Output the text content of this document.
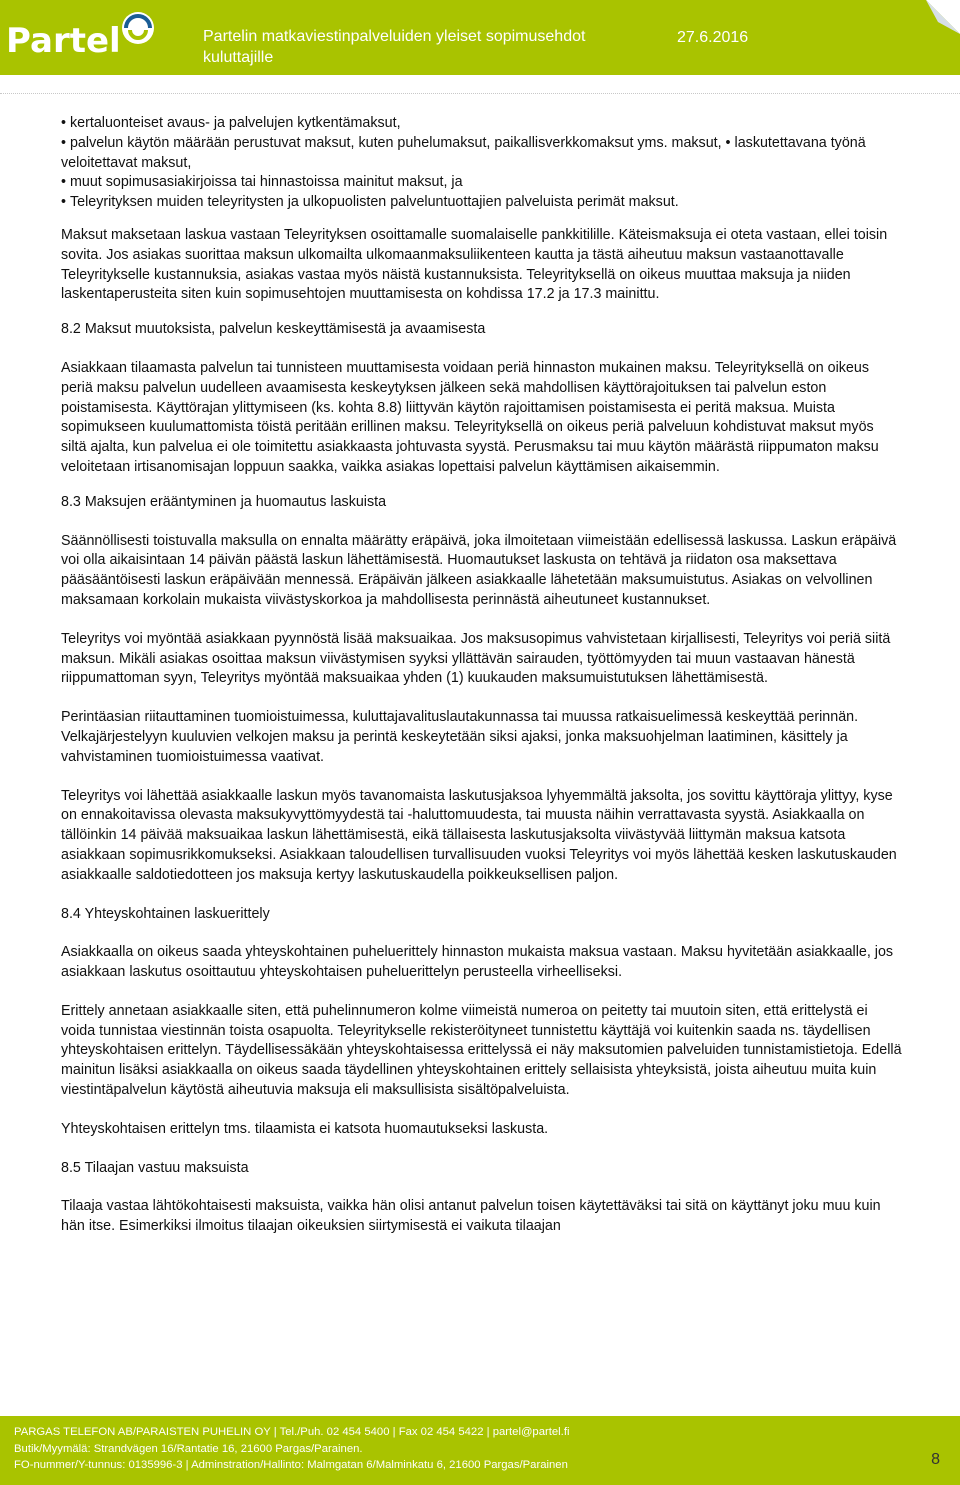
Partel	Partelin matkaviestinpalveluiden yleiset sopimusehdot kuluttajille
27.6.2016
• kertaluonteiset avaus- ja palvelujen kytkentämaksut,
• palvelun käytön määrään perustuvat maksut, kuten puhelumaksut, paikallisverkkomaksut yms. maksut, • laskutettavana työnä veloitettavat maksut,
• muut sopimusasiakirjoissa tai hinnastoissa mainitut maksut, ja
• Teleyrityksen muiden teleyritysten ja ulkopuolisten palveluntuottajien palveluista perimät maksut.

Maksut maksetaan laskua vastaan Teleyrityksen osoittamalle suomalaiselle pankkitilille. Käteismaksuja ei oteta vastaan, ellei toisin sovita. Jos asiakas suorittaa maksun ulkomailta ulkomaanmaksuliikenteen kautta ja tästä aiheutuu maksun vastaanottavalle Teleyritykselle kustannuksia, asiakas vastaa myös näistä kustannuksista. Teleyrityksellä on oikeus muuttaa maksuja ja niiden laskentaperusteita siten kuin sopimusehtojen muuttamisesta on kohdissa 17.2 ja 17.3 mainittu.

8.2 Maksut muutoksista, palvelun keskeyttämisestä ja avaamisesta

Asiakkaan tilaamasta palvelun tai tunnisteen muuttamisesta voidaan periä hinnaston mukainen maksu. Teleyrityksellä on oikeus periä maksu palvelun uudelleen avaamisesta keskeytyksen jälkeen sekä mahdollisen käyttörajoituksen tai palvelun eston poistamisesta. Käyttörajan ylittymiseen (ks. kohta 8.8) liittyvän käytön rajoittamisen poistamisesta ei peritä maksua. Muista sopimukseen kuulumattomista töistä peritään erillinen maksu. Teleyrityksellä on oikeus periä palveluun kohdistuvat maksut myös siltä ajalta, kun palvelua ei ole toimitettu asiakkaasta johtuvasta syystä. Perusmaksu tai muu käytön määrästä riippumaton maksu veloitetaan irtisanomisajan loppuun saakka, vaikka asiakas lopettaisi palvelun käyttämisen aikaisemmin.

8.3 Maksujen erääntyminen ja huomautus laskuista

Säännöllisesti toistuvalla maksulla on ennalta määrätty eräpäivä, joka ilmoitetaan viimeistään edellisessä laskussa. Laskun eräpäivä voi olla aikaisintaan 14 päivän päästä laskun lähettämisestä. Huomautukset laskusta on tehtävä ja riidaton osa maksettava pääsääntöisesti laskun eräpäivään mennessä. Eräpäivän jälkeen asiakkaalle lähetetään maksumuistutus. Asiakas on velvollinen maksamaan korkolain mukaista viivästyskorkoa ja mahdollisesta perinnästä aiheutuneet kustannukset.

Teleyritys voi myöntää asiakkaan pyynnöstä lisää maksuaikaa. Jos maksusopimus vahvistetaan kirjallisesti, Teleyritys voi periä siitä maksun. Mikäli asiakas osoittaa maksun viivästymisen syyksi yllättävän sairauden, työttömyyden tai muun vastaavan hänestä riippumattoman syyn, Teleyritys myöntää maksuaikaa yhden (1) kuukauden maksumuistutuksen lähettämisestä.

Perintäasian riitauttaminen tuomioistuimessa, kuluttajavalituslautakunnassa tai muussa ratkaisuelimessä keskeyttää perinnän. Velkajärjestelyyn kuuluvien velkojen maksu ja perintä keskeytetään siksi ajaksi, jonka maksuohjelman laatiminen, käsittely ja vahvistaminen tuomioistuimessa vaativat.

Teleyritys voi lähettää asiakkaalle laskun myös tavanomaista laskutusjaksoa lyhyemmältä jaksolta, jos sovittu käyttöraja ylittyy, kyse on ennakoitavissa olevasta maksukyvyttömyydestä tai -haluttomuudesta, tai muusta näihin verrattavasta syystä. Asiakkaalla on tällöinkin 14 päivää maksuaikaa laskun lähettämisestä, eikä tällaisesta laskutusjaksolta viivästyvää liittymän maksua katsota asiakkaan sopimusrikkomukseksi. Asiakkaan taloudellisen turvallisuuden vuoksi Teleyritys voi myös lähettää kesken laskutuskauden asiakkaalle saldotiedotteen jos maksuja kertyy laskutuskaudella poikkeuksellisen paljon.

8.4 Yhteyskohtainen laskuerittely

Asiakkaalla on oikeus saada yhteyskohtainen puheluerittely hinnaston mukaista maksua vastaan. Maksu hyvitetään asiakkaalle, jos asiakkaan laskutus osoittautuu yhteyskohtaisen puheluerittelyn perusteella virheelliseksi.

Erittely annetaan asiakkaalle siten, että puhelinnumeron kolme viimeistä numeroa on peitetty tai muutoin siten, että erittelystä ei voida tunnistaa viestinnän toista osapuolta. Teleyritykselle rekisteröityneet tunnistettu käyttäjä voi kuitenkin saada ns. täydellisen yhteyskohtaisen erittelyn. Täydellisessäkään yhteyskohtaisessa erittelyssä ei näy maksutomien palveluiden tunnistamistietoja. Edellä mainitun lisäksi asiakkaalla on oikeus saada täydellinen yhteyskohtainen erittely sellaisista yhteyksistä, joista aiheutuu muita kuin viestintäpalvelun käytöstä aiheutuvia maksuja eli maksullisista sisältöpalveluista.

Yhteyskohtaisen erittelyn tms. tilaamista ei katsota huomautukseksi laskusta.

8.5 Tilaajan vastuu maksuista

Tilaaja vastaa lähtökohtaisesti maksuista, vaikka hän olisi antanut palvelun toisen käytettäväksi tai sitä on käyttänyt joku muu kuin hän itse. Esimerkiksi ilmoitus tilaajan oikeuksien siirtymisestä ei vaikuta tilaajan

PARGAS TELEFON AB/PARAISTEN PUHELIN OY | Tel./Puh. 02 454 5400 | Fax 02 454 5422 | partel@partel.fi
Butik/Myymälä: Strandvägen 16/Rantatie 16, 21600 Pargas/Parainen.
FO-nummer/Y-tunnus: 0135996-3 | Adminstration/Hallinto: Malmgatan 6/Malminkatu 6, 21600 Pargas/Parainen	8
